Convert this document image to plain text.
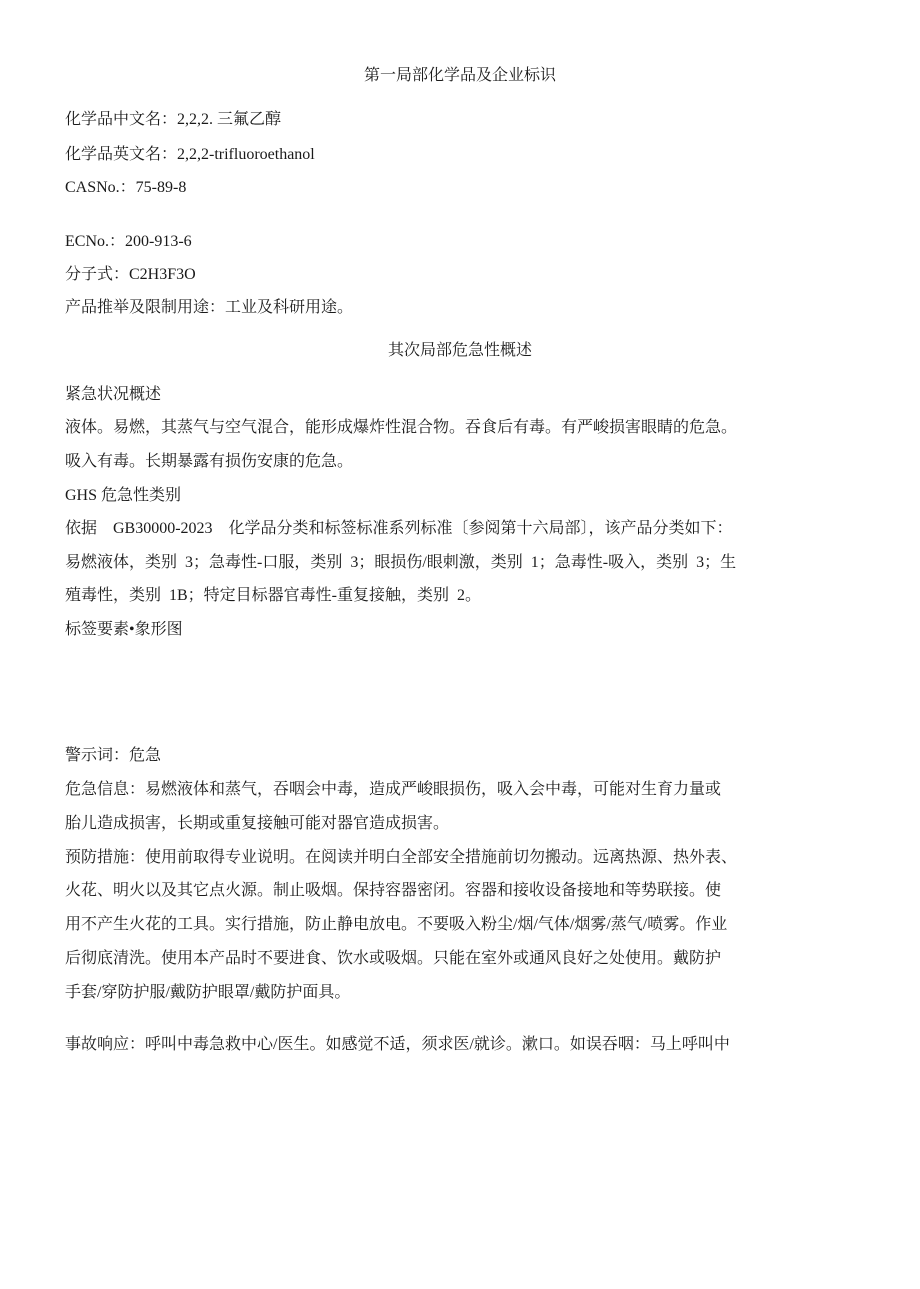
第一局部化学品及企业标识
化学品中文名：2,2,2. 三氟乙醇
化学品英文名：2,2,2-trifluoroethanol
CASNo.：75-89-8
ECNo.：200-913-6
分子式：C2H3F3O
产品推举及限制用途：工业及科研用途。
其次局部危急性概述
紧急状况概述
液体。易燃，其蒸气与空气混合，能形成爆炸性混合物。吞食后有毒。有严峻损害眼睛的危急。
吸入有毒。长期暴露有损伤安康的危急。
GHS 危急性类别
依据    GB30000-2023    化学品分类和标签标准系列标准〔参阅第十六局部〕，该产品分类如下：
易燃液体，类别  3；急毒性-口服，类别  3；眼损伤/眼刺激，类别  1；急毒性-吸入，类别  3；生
殖毒性，类别  1B；特定目标器官毒性-重复接触，类别  2。
标签要素•象形图
警示词：危急
危急信息：易燃液体和蒸气，吞咽会中毒，造成严峻眼损伤，吸入会中毒，可能对生育力量或
胎儿造成损害，长期或重复接触可能对器官造成损害。
预防措施：使用前取得专业说明。在阅读并明白全部安全措施前切勿搬动。远离热源、热外表、
火花、明火以及其它点火源。制止吸烟。保持容器密闭。容器和接收设备接地和等势联接。使
用不产生火花的工具。实行措施，防止静电放电。不要吸入粉尘/烟/气体/烟雾/蒸气/喷雾。作业
后彻底清洗。使用本产品时不要进食、饮水或吸烟。只能在室外或通风良好之处使用。戴防护
手套/穿防护服/戴防护眼罩/戴防护面具。
事故响应：呼叫中毒急救中心/医生。如感觉不适，须求医/就诊。漱口。如误吞咽：马上呼叫中
